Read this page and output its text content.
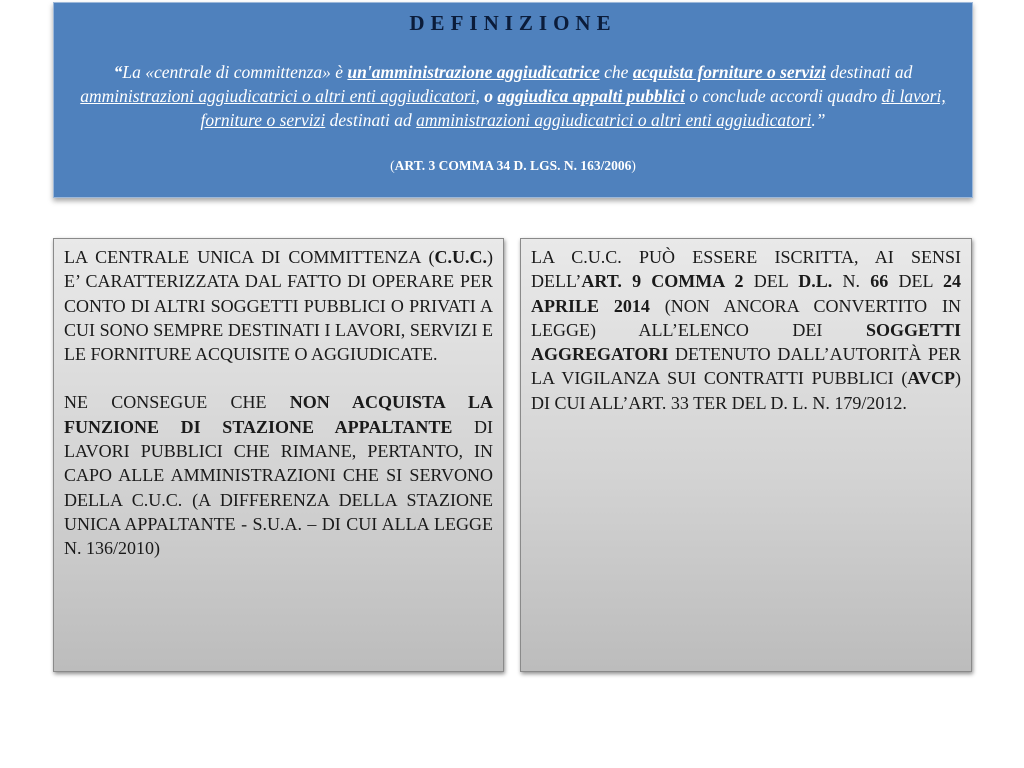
DEFINIZIONE

“La «centrale di committenza» è un'amministrazione aggiudicatrice che acquista forniture o servizi destinati ad amministrazioni aggiudicatrici o altri enti aggiudicatori, o aggiudica appalti pubblici o conclude accordi quadro di lavori, forniture o servizi destinati ad amministrazioni aggiudicatrici o altri enti aggiudicatori.”

(ART. 3 COMMA 34 D. LGS. N. 163/2006)

LA CENTRALE UNICA DI COMMITTENZA (C.U.C.) E’ CARATTERIZZATA DAL FATTO DI OPERARE PER CONTO DI ALTRI SOGGETTI PUBBLICI O PRIVATI A CUI SONO SEMPRE DESTINATI I LAVORI, SERVIZI E LE FORNITURE ACQUISITE O AGGIUDICATE.

NE CONSEGUE CHE NON ACQUISTA LA FUNZIONE DI STAZIONE APPALTANTE DI LAVORI PUBBLICI CHE RIMANE, PERTANTO, IN CAPO ALLE AMMINISTRAZIONI CHE SI SERVONO DELLA C.U.C. (A DIFFERENZA DELLA STAZIONE UNICA APPALTANTE - S.U.A. – DI CUI ALLA LEGGE N. 136/2010)

LA C.U.C. PUÒ ESSERE ISCRITTA, AI SENSI DELL’ART. 9 COMMA 2 DEL D.L. N. 66 DEL 24 APRILE 2014 (NON ANCORA CONVERTITO IN LEGGE) ALL’ELENCO DEI SOGGETTI AGGREGATORI DETENUTO DALL’AUTORITÀ PER LA VIGILANZA SUI CONTRATTI PUBBLICI (AVCP) DI CUI ALL’ART. 33 TER DEL D. L. N. 179/2012.
